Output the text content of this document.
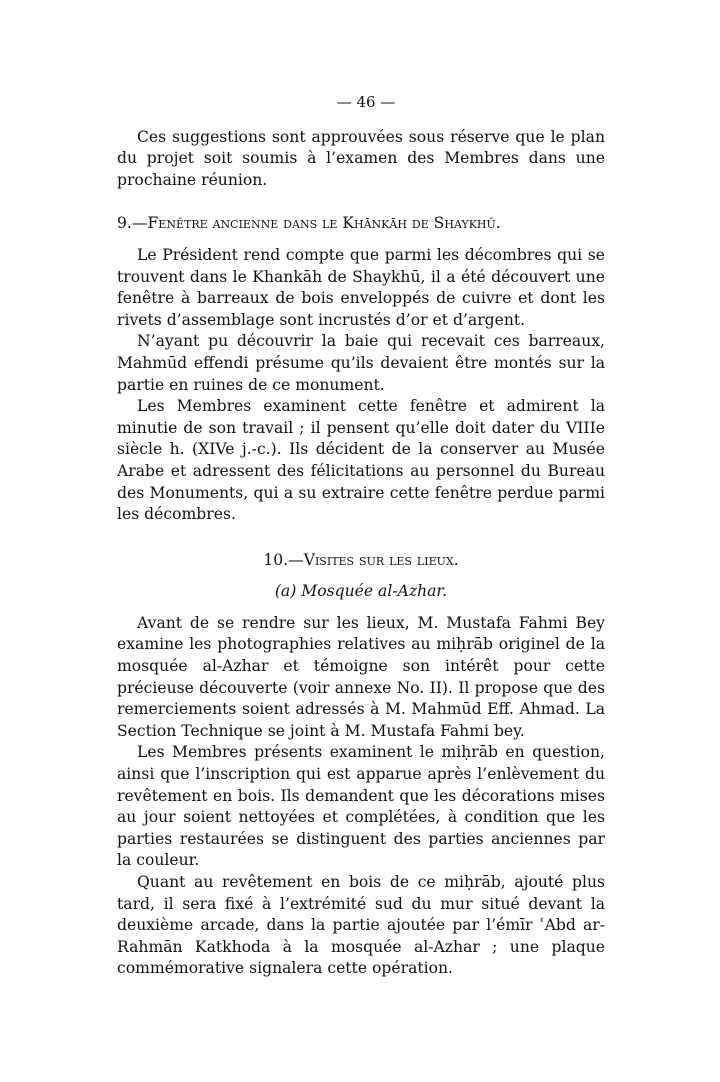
— 46 —

Ces suggestions sont approuvées sous réserve que le plan du projet soit soumis à l’examen des Membres dans une prochaine réunion.

9.—Fenêtre ancienne dans le Khānkāh de Shaykhū.

Le Président rend compte que parmi les décombres qui se trouvent dans le Khankāh de Shaykhū, il a été découvert une fenêtre à barreaux de bois enveloppés de cuivre et dont les rivets d’assemblage sont incrustés d’or et d’argent.

N’ayant pu découvrir la baie qui recevait ces barreaux, Mahmūd effendi présume qu’ils devaient être montés sur la partie en ruines de ce monument.

Les Membres examinent cette fenêtre et admirent la minutie de son travail ; il pensent qu’elle doit dater du VIIIe siècle h. (XIVe j.-c.). Ils décident de la conserver au Musée Arabe et adressent des félicitations au personnel du Bureau des Monuments, qui a su extraire cette fenêtre perdue parmi les décombres.

10.—Visites sur les lieux.
(a) Mosquée al-Azhar.

Avant de se rendre sur les lieux, M. Mustafa Fahmi Bey examine les photographies relatives au miḥrāb originel de la mosquée al-Azhar et témoigne son intérêt pour cette précieuse découverte (voir annexe No. II). Il propose que des remerciements soient adressés à M. Mahmūd Eff. Ahmad. La Section Technique se joint à M. Mustafa Fahmi bey.

Les Membres présents examinent le miḥrāb en question, ainsi que l’inscription qui est apparue après l’enlèvement du revêtement en bois. Ils demandent que les décorations mises au jour soient nettoyées et complétées, à condition que les parties restaurées se distinguent des parties anciennes par la couleur.

Quant au revêtement en bois de ce miḥrāb, ajouté plus tard, il sera fixé à l’extrémité sud du mur situé devant la deuxième arcade, dans la partie ajoutée par l’émīr ʿAbd ar-Rahmān Katkhoda à la mosquée al-Azhar ; une plaque commémorative signalera cette opération.
